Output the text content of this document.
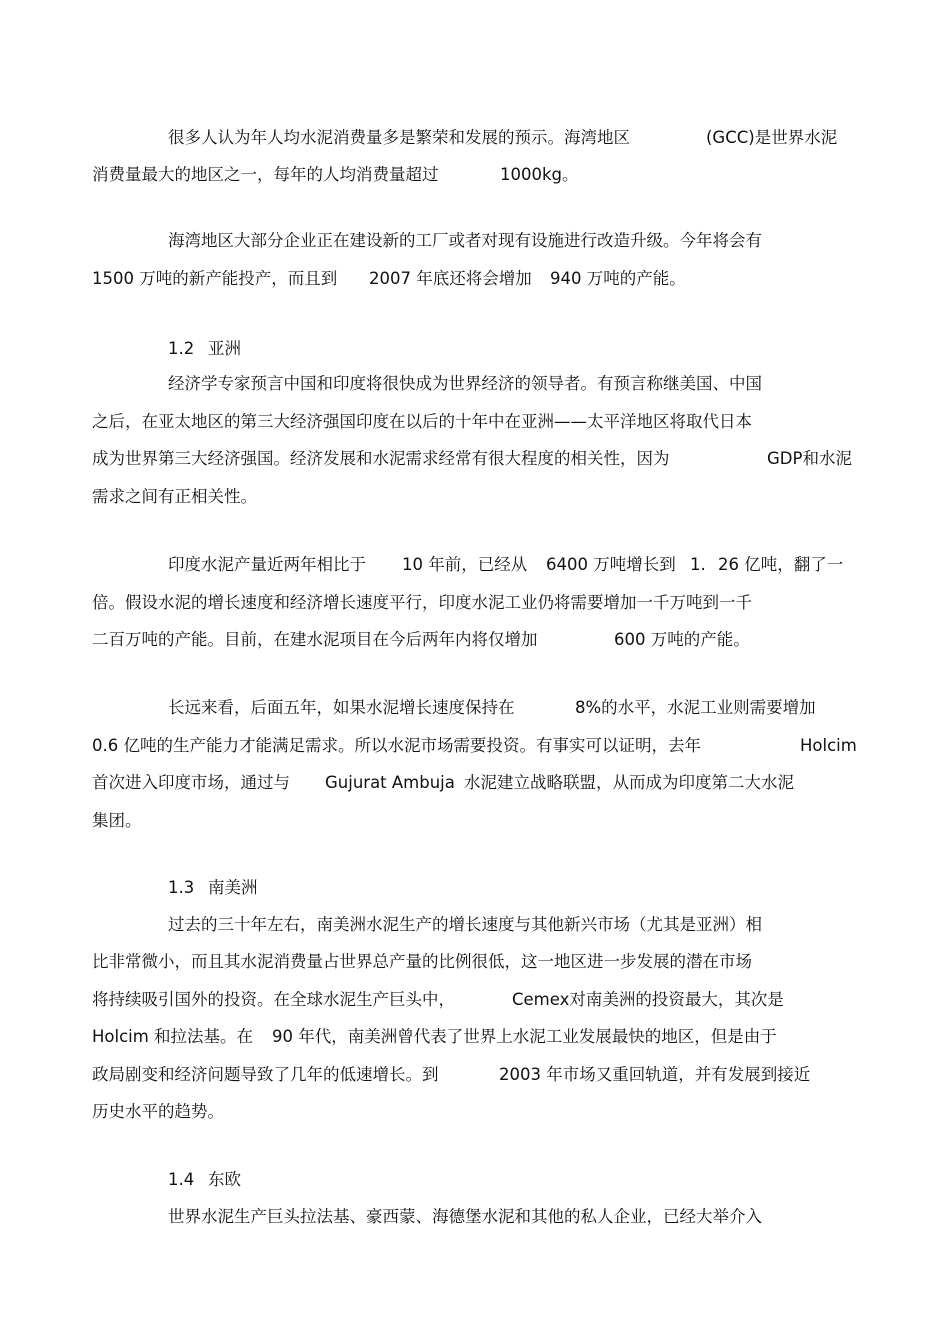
很多人认为年人均水泥消费量多是繁荣和发展的预示。海湾地区

	(GCC)是世界水泥

消费量最大的地区之一，每年的人均消费量超过

	1000kg。

海湾地区大部分企业正在建设新的工厂或者对现有设施进行改造升级。今年将会有

1500 万吨的新产能投产，而且到

2007 年底还将会增加

940 万吨的产能。

1.2

亚洲

经济学专家预言中国和印度将很快成为世界经济的领导者。有预言称继美国、中国

之后，在亚太地区的第三大经济强国印度在以后的十年中在亚洲——太平洋地区将取代日本

成为世界第三大经济强国。经济发展和水泥需求经常有很大程度的相关性，因为

	GDP和水泥

需求之间有正相关性。

印度水泥产量近两年相比于

10 年前，已经从

6400 万吨增长到

1.

26 亿吨，翻了一

倍。假设水泥的增长速度和经济增长速度平行，印度水泥工业仍将需要增加一千万吨到一千

二百万吨的产能。目前，在建水泥项目在今后两年内将仅增加

	600 万吨的产能。

长远来看，后面五年，如果水泥增长速度保持在

	8%的水平，水泥工业则需要增加

0.6 亿吨的生产能力才能满足需求。所以水泥市场需要投资。有事实可以证明，去年

	Holcim

首次进入印度市场，通过与

Gujurat Ambuja

水泥建立战略联盟，从而成为印度第二大水泥

集团。

1.3

南美洲

过去的三十年左右，南美洲水泥生产的增长速度与其他新兴市场（尤其是亚洲）相

比非常微小，而且其水泥消费量占世界总产量的比例很低，这一地区进一步发展的潜在市场

将持续吸引国外的投资。在全球水泥生产巨头中，

	Cemex对南美洲的投资最大，其次是

Holcim 和拉法基。在

90 年代，南美洲曾代表了世界上水泥工业发展最快的地区，但是由于

政局剧变和经济问题导致了几年的低速增长。到

	2003 年市场又重回轨道，并有发展到接近

历史水平的趋势。

1.4

东欧

世界水泥生产巨头拉法基、豪西蒙、海德堡水泥和其他的私人企业，已经大举介入
